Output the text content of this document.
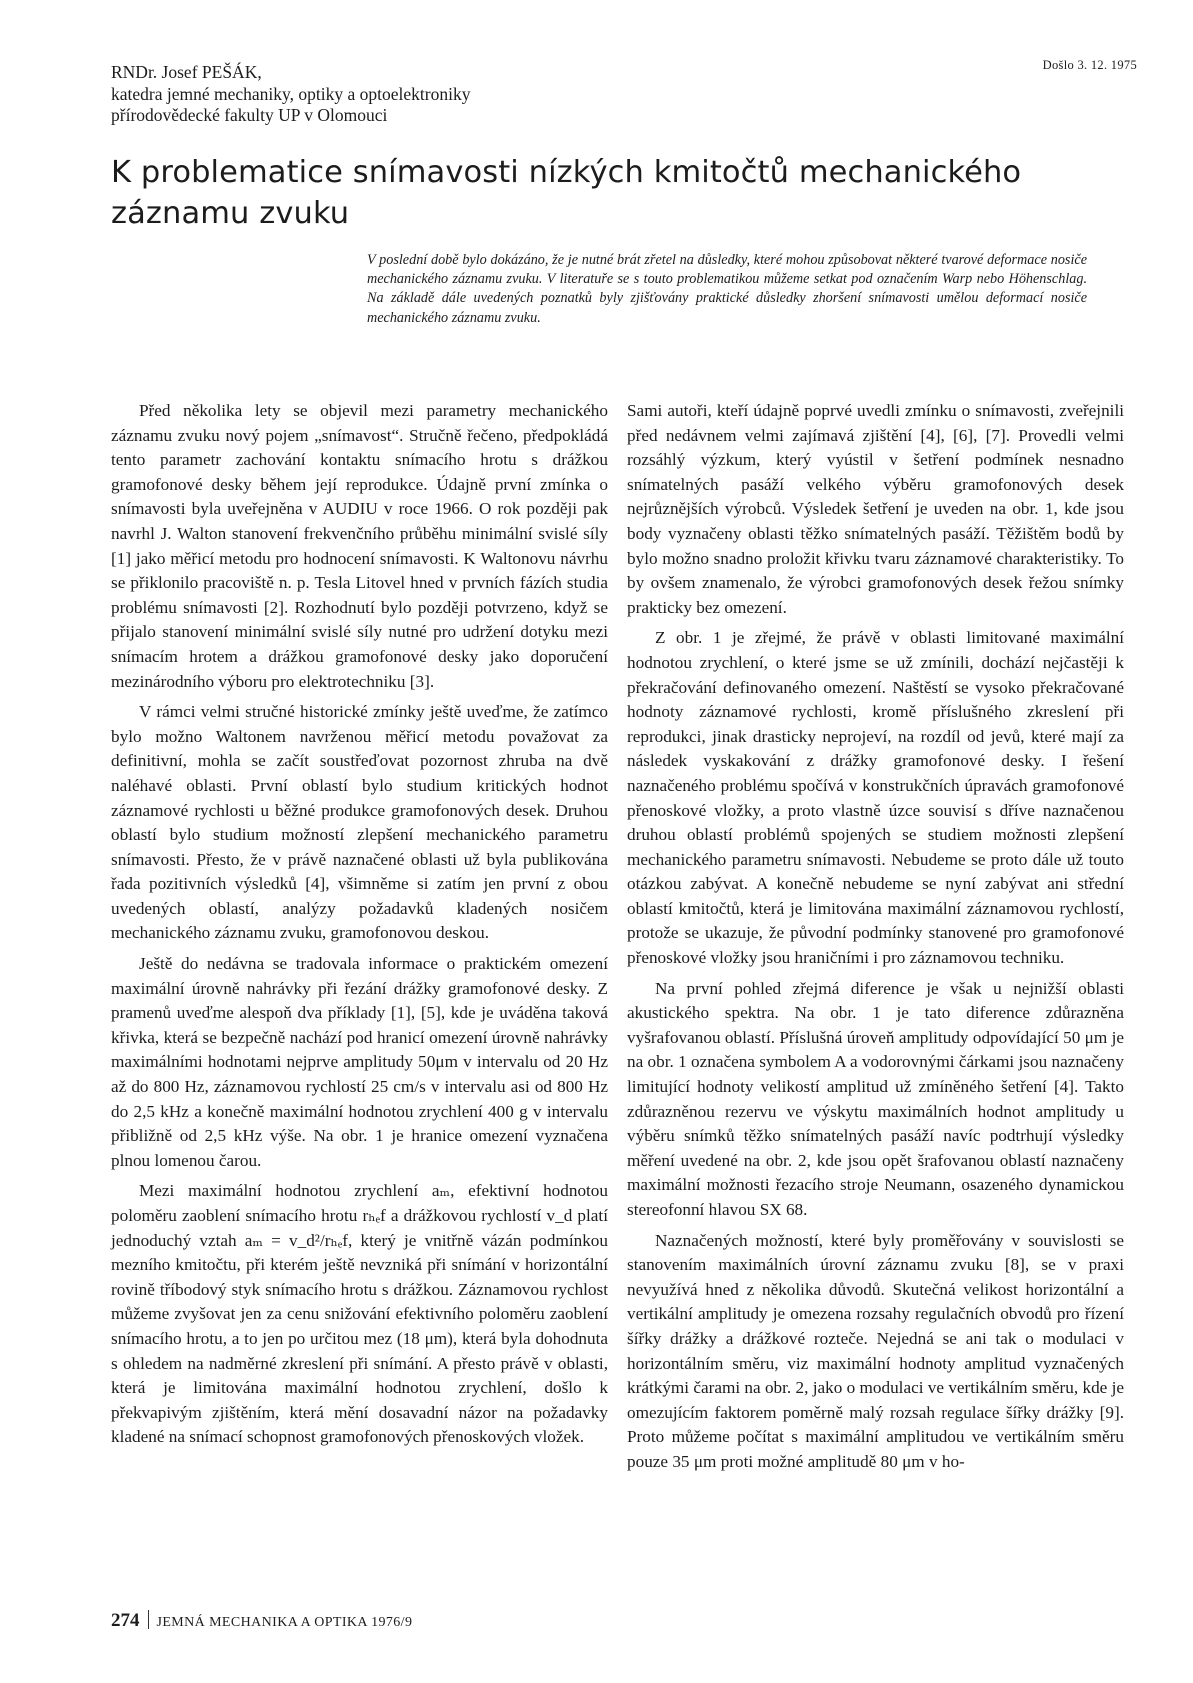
RNDr. Josef PEŠÁK,
katedra jemné mechaniky, optiky a optoelektroniky
přírodovědecké fakulty UP v Olomouci
Došlo 3. 12. 1975
K problematice snímavosti nízkých kmitočtů mechanického záznamu zvuku

V poslední době bylo dokázáno, že je nutné brát zřetel na důsledky, které mohou způsobovat některé tvarové deformace nosiče mechanického záznamu zvuku. V literatuře se s touto problematikou můžeme setkat pod označením Warp nebo Höhenschlag. Na základě dále uvedených poznatků byly zjišťovány praktické důsledky zhoršení snímavosti umělou deformací nosiče mechanického záznamu zvuku.

Před několika lety se objevil mezi parametry mechanického záznamu zvuku nový pojem „snímavost“. Stručně řečeno, předpokládá tento parametr zachování kontaktu snímacího hrotu s drážkou gramofonové desky během její reprodukce. Údajně první zmínka o snímavosti byla uveřejněna v AUDIU v roce 1966. O rok později pak navrhl J. Walton stanovení frekvenčního průběhu minimální svislé síly [1] jako měřicí metodu pro hodnocení snímavosti. K Waltonovu návrhu se přiklonilo pracoviště n. p. Tesla Litovel hned v prvních fázích studia problému snímavosti [2]. Rozhodnutí bylo později potvrzeno, když se přijalo stanovení minimální svislé síly nutné pro udržení dotyku mezi snímacím hrotem a drážkou gramofonové desky jako doporučení mezinárodního výboru pro elektrotechniku [3].

V rámci velmi stručné historické zmínky ještě uveďme, že zatímco bylo možno Waltonem navrženou měřicí metodu považovat za definitivní, mohla se začít soustřeďovat pozornost zhruba na dvě naléhavé oblasti. První oblastí bylo studium kritických hodnot záznamové rychlosti u běžné produkce gramofonových desek. Druhou oblastí bylo studium možností zlepšení mechanického parametru snímavosti. Přesto, že v právě naznačené oblasti už byla publikována řada pozitivních výsledků [4], všimněme si zatím jen první z obou uvedených oblastí, analýzy požadavků kladených nosičem mechanického záznamu zvuku, gramofonovou deskou.

Ještě do nedávna se tradovala informace o praktickém omezení maximální úrovně nahrávky při řezání drážky gramofonové desky. Z pramenů uveďme alespoň dva příklady [1], [5], kde je uváděna taková křivka, která se bezpečně nachází pod hranicí omezení úrovně nahrávky maximálními hodnotami nejprve amplitudy 50μm v intervalu od 20 Hz až do 800 Hz, záznamovou rychlostí 25 cm/s v intervalu asi od 800 Hz do 2,5 kHz a konečně maximální hodnotou zrychlení 400 g v intervalu přibližně od 2,5 kHz výše. Na obr. 1 je hranice omezení vyznačena plnou lomenou čarou.

Mezi maximální hodnotou zrychlení aₘ, efektivní hodnotou poloměru zaoblení snímacího hrotu rₕₑf a drážkovou rychlostí v_d platí jednoduchý vztah aₘ = v_d²/rₕₑf, který je vnitřně vázán podmínkou mezního kmitočtu, při kterém ještě nevzniká při snímání v horizontální rovině tříbodový styk snímacího hrotu s drážkou. Záznamovou rychlost můžeme zvyšovat jen za cenu snižování efektivního poloměru zaoblení snímacího hrotu, a to jen po určitou mez (18 μm), která byla dohodnuta s ohledem na nadměrné zkreslení při snímání. A přesto právě v oblasti, která je limitována maximální hodnotou zrychlení, došlo k překvapivým zjištěním, která mění dosavadní názor na požadavky kladené na snímací schopnost gramofonových přenoskových vložek.

Sami autoři, kteří údajně poprvé uvedli zmínku o snímavosti, zveřejnili před nedávnem velmi zajímavá zjištění [4], [6], [7]. Provedli velmi rozsáhlý výzkum, který vyústil v šetření podmínek nesnadno snímatelných pasáží velkého výběru gramofonových desek nejrůznějších výrobců. Výsledek šetření je uveden na obr. 1, kde jsou body vyznačeny oblasti těžko snímatelných pasáží. Těžištěm bodů by bylo možno snadno proložit křivku tvaru záznamové charakteristiky. To by ovšem znamenalo, že výrobci gramofonových desek řežou snímky prakticky bez omezení.

Z obr. 1 je zřejmé, že právě v oblasti limitované maximální hodnotou zrychlení, o které jsme se už zmínili, dochází nejčastěji k překračování definovaného omezení. Naštěstí se vysoko překračované hodnoty záznamové rychlosti, kromě příslušného zkreslení při reprodukci, jinak drasticky neprojeví, na rozdíl od jevů, které mají za následek vyskakování z drážky gramofonové desky. I řešení naznačeného problému spočívá v konstrukčních úpravách gramofonové přenoskové vložky, a proto vlastně úzce souvisí s dříve naznačenou druhou oblastí problémů spojených se studiem možnosti zlepšení mechanického parametru snímavosti. Nebudeme se proto dále už touto otázkou zabývat. A konečně nebudeme se nyní zabývat ani střední oblastí kmitočtů, která je limitována maximální záznamovou rychlostí, protože se ukazuje, že původní podmínky stanovené pro gramofonové přenoskové vložky jsou hraničními i pro záznamovou techniku.

Na první pohled zřejmá diference je však u nejnižší oblasti akustického spektra. Na obr. 1 je tato diference zdůrazněna vyšrafovanou oblastí. Příslušná úroveň amplitudy odpovídající 50 μm je na obr. 1 označena symbolem A a vodorovnými čárkami jsou naznačeny limitující hodnoty velikostí amplitud už zmíněného šetření [4]. Takto zdůrazněnou rezervu ve výskytu maximálních hodnot amplitudy u výběru snímků těžko snímatelných pasáží navíc podtrhují výsledky měření uvedené na obr. 2, kde jsou opět šrafovanou oblastí naznačeny maximální možnosti řezacího stroje Neumann, osazeného dynamickou stereofonní hlavou SX 68.

Naznačených možností, které byly proměřovány v souvislosti se stanovením maximálních úrovní záznamu zvuku [8], se v praxi nevyužívá hned z několika důvodů. Skutečná velikost horizontální a vertikální amplitudy je omezena rozsahy regulačních obvodů pro řízení šířky drážky a drážkové rozteče. Nejedná se ani tak o modulaci v horizontálním směru, viz maximální hodnoty amplitud vyznačených krátkými čarami na obr. 2, jako o modulaci ve vertikálním směru, kde je omezujícím faktorem poměrně malý rozsah regulace šířky drážky [9]. Proto můžeme počítat s maximální amplitudou ve vertikálním směru pouze 35 μm proti možné amplitudě 80 μm v ho-

274 JEMNÁ MECHANIKA A OPTIKA 1976/9
